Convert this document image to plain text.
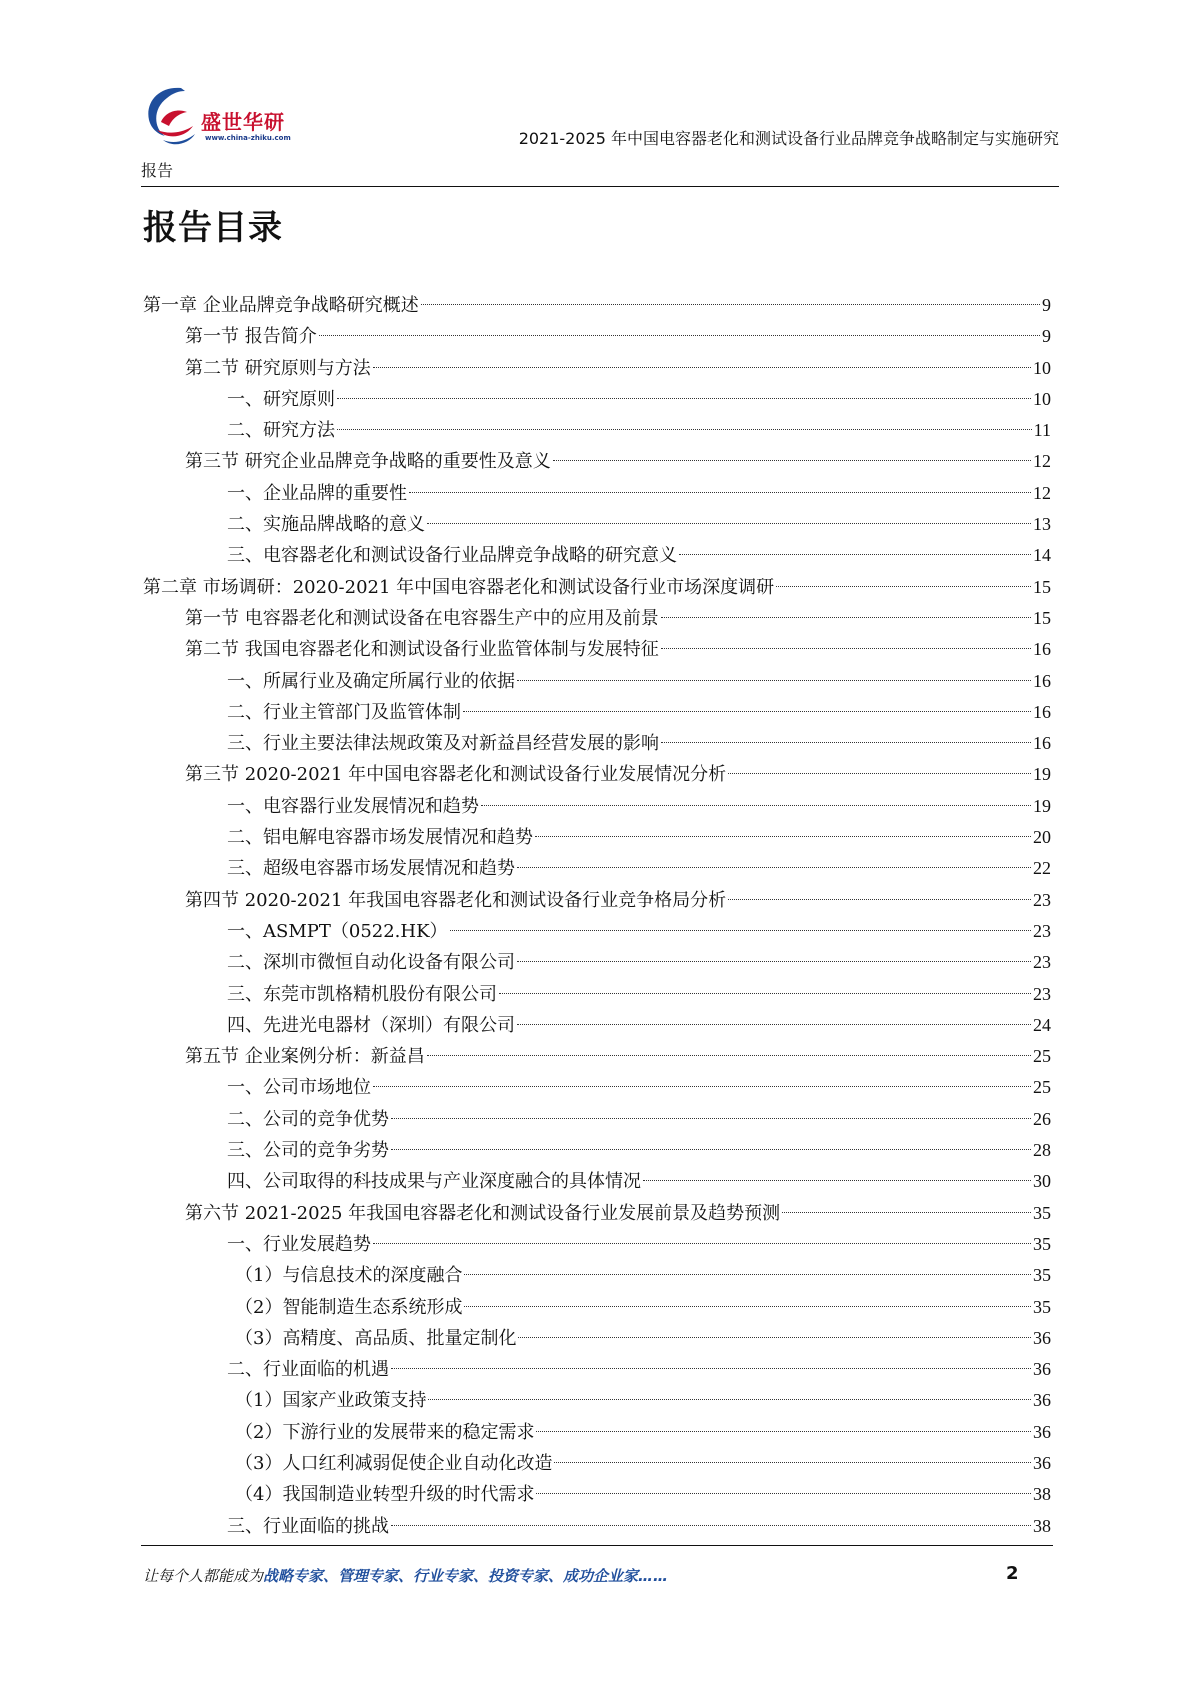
盛世华研
www.china-zhiku.com	2021-2025 年中国电容器老化和测试设备行业品牌竞争战略制定与实施研究
报告
报告目录
第一章 企业品牌竞争战略研究概述	9
第一节 报告简介	9
第二节 研究原则与方法	10
一、研究原则	10
二、研究方法	11
第三节 研究企业品牌竞争战略的重要性及意义	12
一、企业品牌的重要性	12
二、实施品牌战略的意义	13
三、电容器老化和测试设备行业品牌竞争战略的研究意义	14
第二章 市场调研：2020-2021 年中国电容器老化和测试设备行业市场深度调研	15
第一节 电容器老化和测试设备在电容器生产中的应用及前景	15
第二节 我国电容器老化和测试设备行业监管体制与发展特征	16
一、所属行业及确定所属行业的依据	16
二、行业主管部门及监管体制	16
三、行业主要法律法规政策及对新益昌经营发展的影响	16
第三节 2020-2021 年中国电容器老化和测试设备行业发展情况分析	19
一、电容器行业发展情况和趋势	19
二、铝电解电容器市场发展情况和趋势	20
三、超级电容器市场发展情况和趋势	22
第四节 2020-2021 年我国电容器老化和测试设备行业竞争格局分析	23
一、ASMPT（0522.HK）	23
二、深圳市微恒自动化设备有限公司	23
三、东莞市凯格精机股份有限公司	23
四、先进光电器材（深圳）有限公司	24
第五节 企业案例分析：新益昌	25
一、公司市场地位	25
二、公司的竞争优势	26
三、公司的竞争劣势	28
四、公司取得的科技成果与产业深度融合的具体情况	30
第六节 2021-2025 年我国电容器老化和测试设备行业发展前景及趋势预测	35
一、行业发展趋势	35
（1）与信息技术的深度融合	35
（2）智能制造生态系统形成	35
（3）高精度、高品质、批量定制化	36
二、行业面临的机遇	36
（1）国家产业政策支持	36
（2）下游行业的发展带来的稳定需求	36
（3）人口红利减弱促使企业自动化改造	36
（4）我国制造业转型升级的时代需求	38
三、行业面临的挑战	38
让每个人都能成为战略专家、管理专家、行业专家、投资专家、成功企业家……	2
